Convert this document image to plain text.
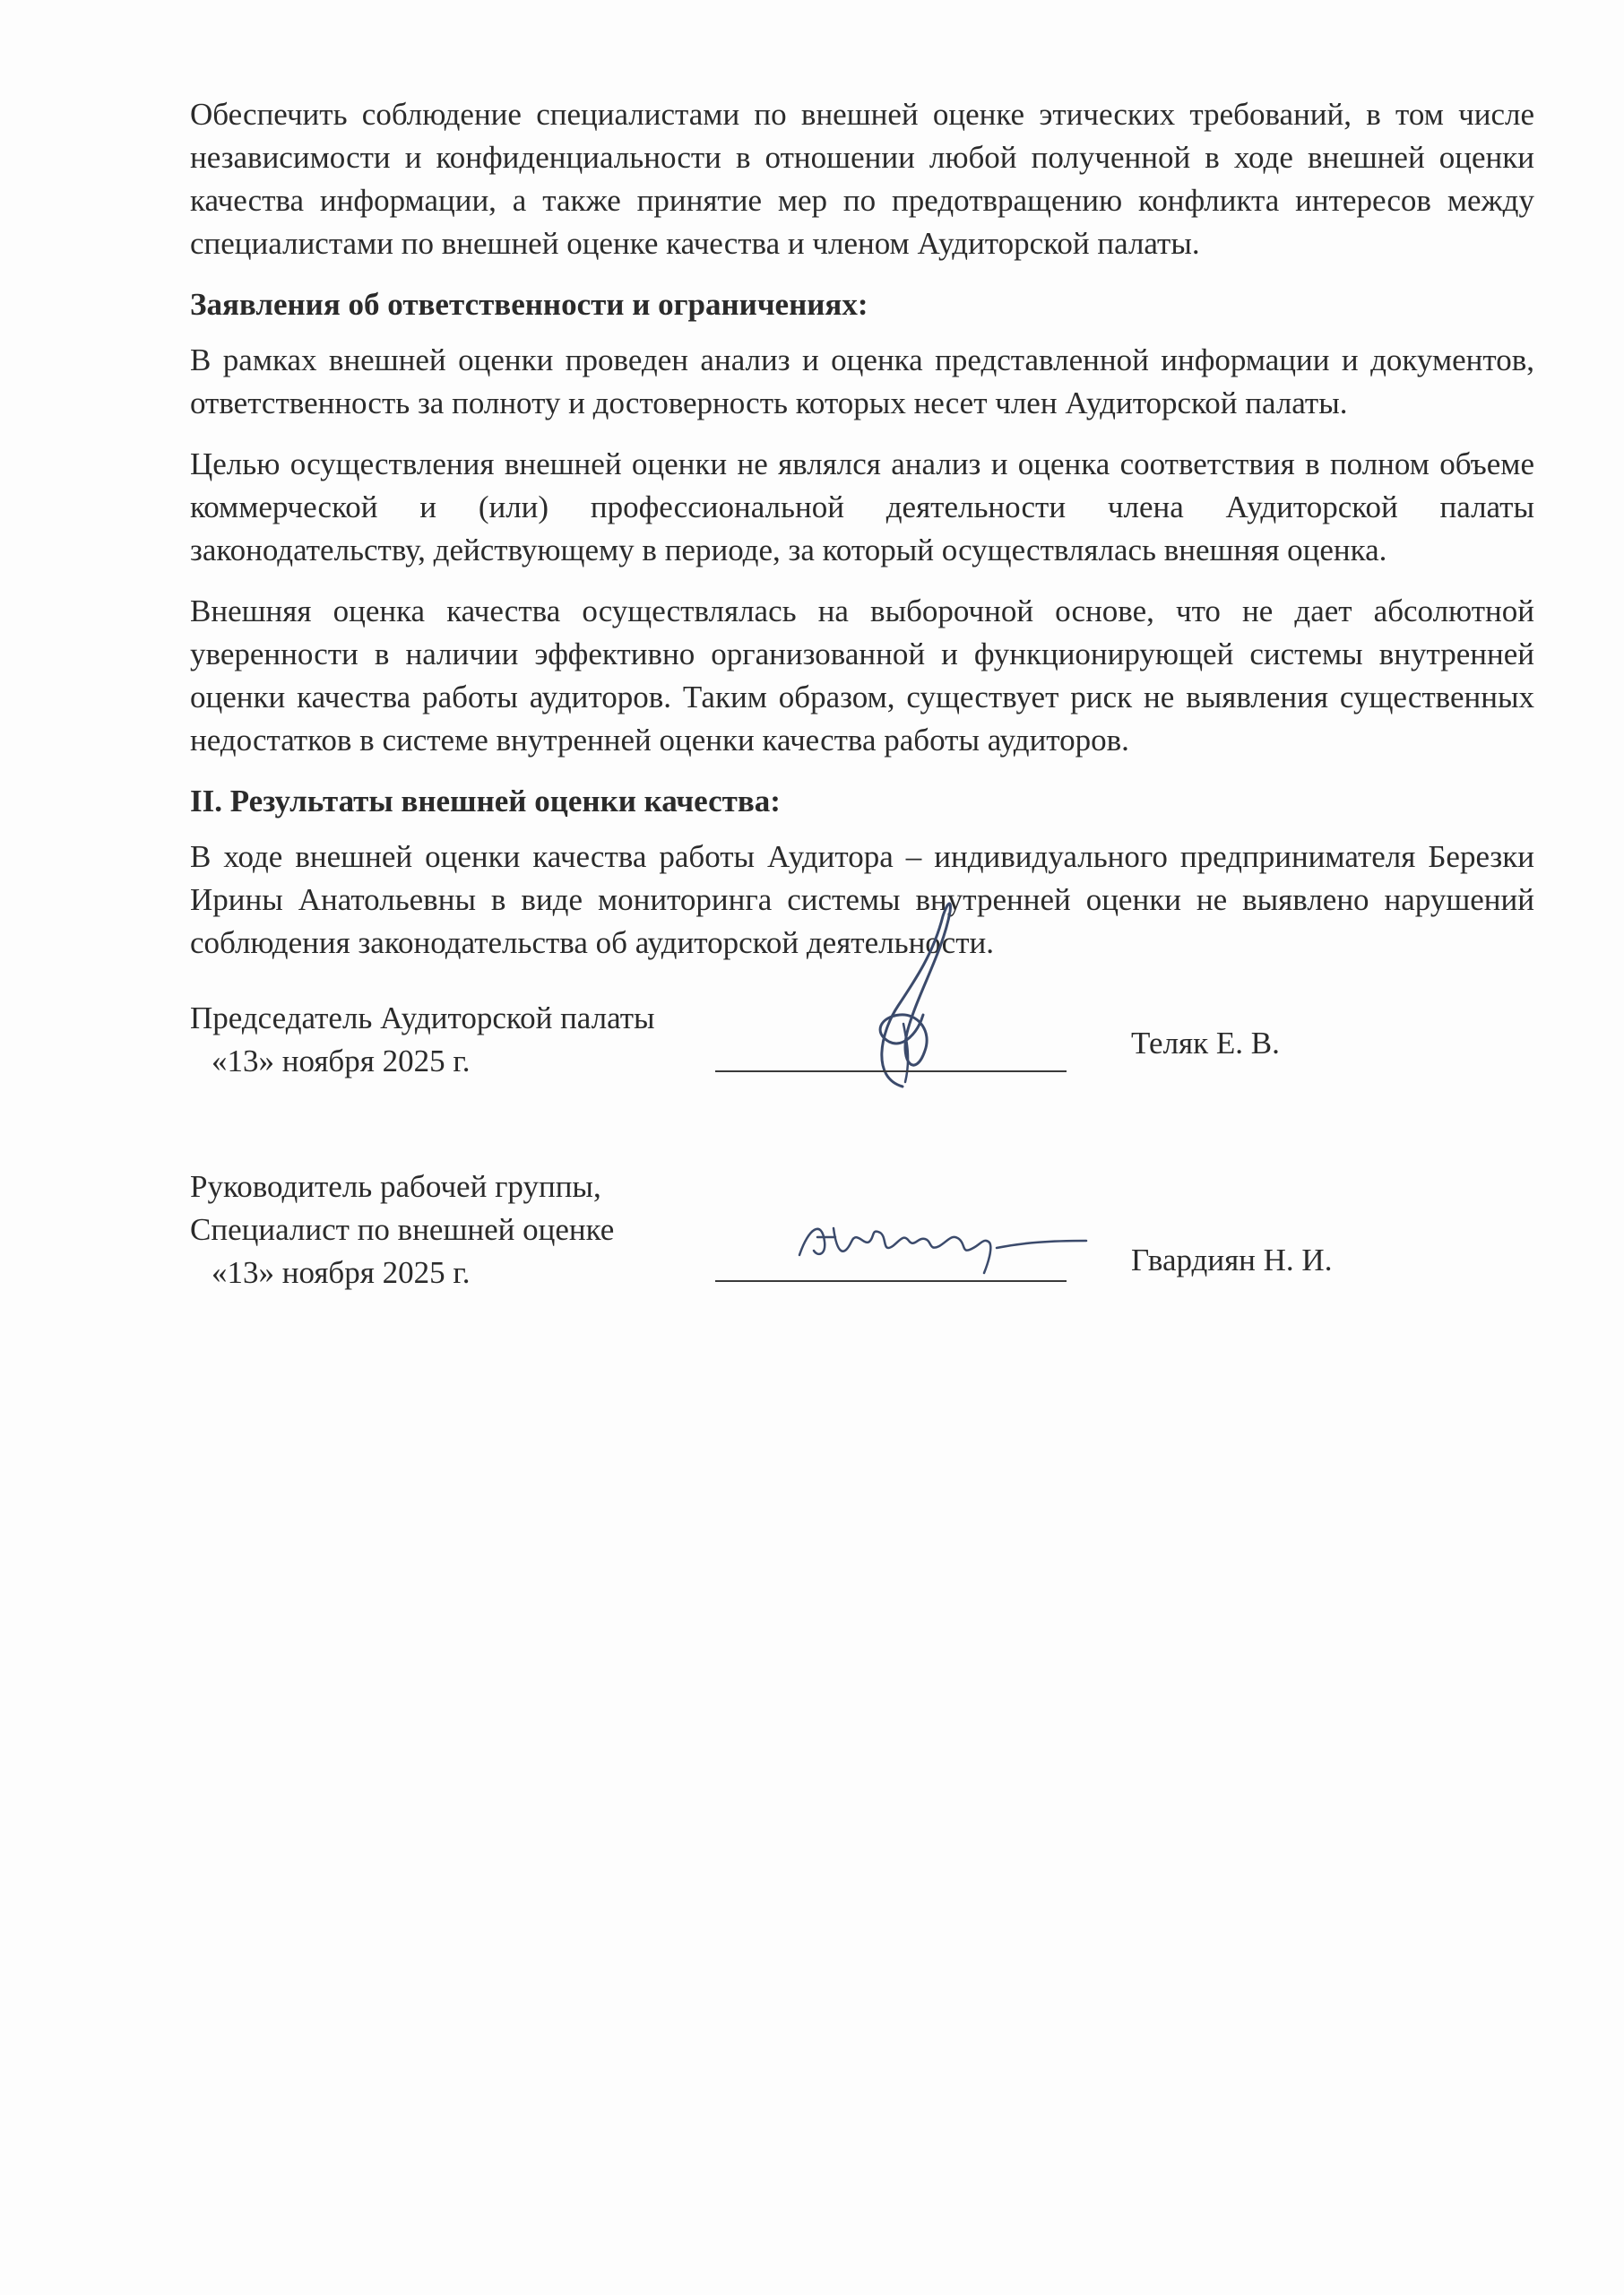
Обеспечить соблюдение специалистами по внешней оценке этических требований, в том числе независимости и конфиденциальности в отношении любой полученной в ходе внешней оценки качества информации, а также принятие мер по предотвращению конфликта интересов между специалистами по внешней оценке качества и членом Аудиторской палаты.

Заявления об ответственности и ограничениях:

В рамках внешней оценки проведен анализ и оценка представленной информации и документов, ответственность за полноту и достоверность которых несет член Аудиторской палаты.

Целью осуществления внешней оценки не являлся анализ и оценка соответствия в полном объеме коммерческой и (или) профессиональной деятельности члена Аудиторской палаты законодательству, действующему в периоде, за который осуществлялась внешняя оценка.

Внешняя оценка качества осуществлялась на выборочной основе, что не дает абсолютной уверенности в наличии эффективно организованной и функционирующей системы внутренней оценки качества работы аудиторов. Таким образом, существует риск не выявления существенных недостатков в системе внутренней оценки качества работы аудиторов.

II. Результаты внешней оценки качества:

В ходе внешней оценки качества работы Аудитора – индивидуального предпринимателя Березки Ирины Анатольевны в виде мониторинга системы внутренней оценки не выявлено нарушений соблюдения законодательства об аудиторской деятельности.

Председатель Аудиторской палаты
«13» ноября 2025 г.
Теляк Е. В.
Руководитель рабочей группы,
Специалист по внешней оценке
«13» ноября 2025 г.	Гвардиян Н. И.
